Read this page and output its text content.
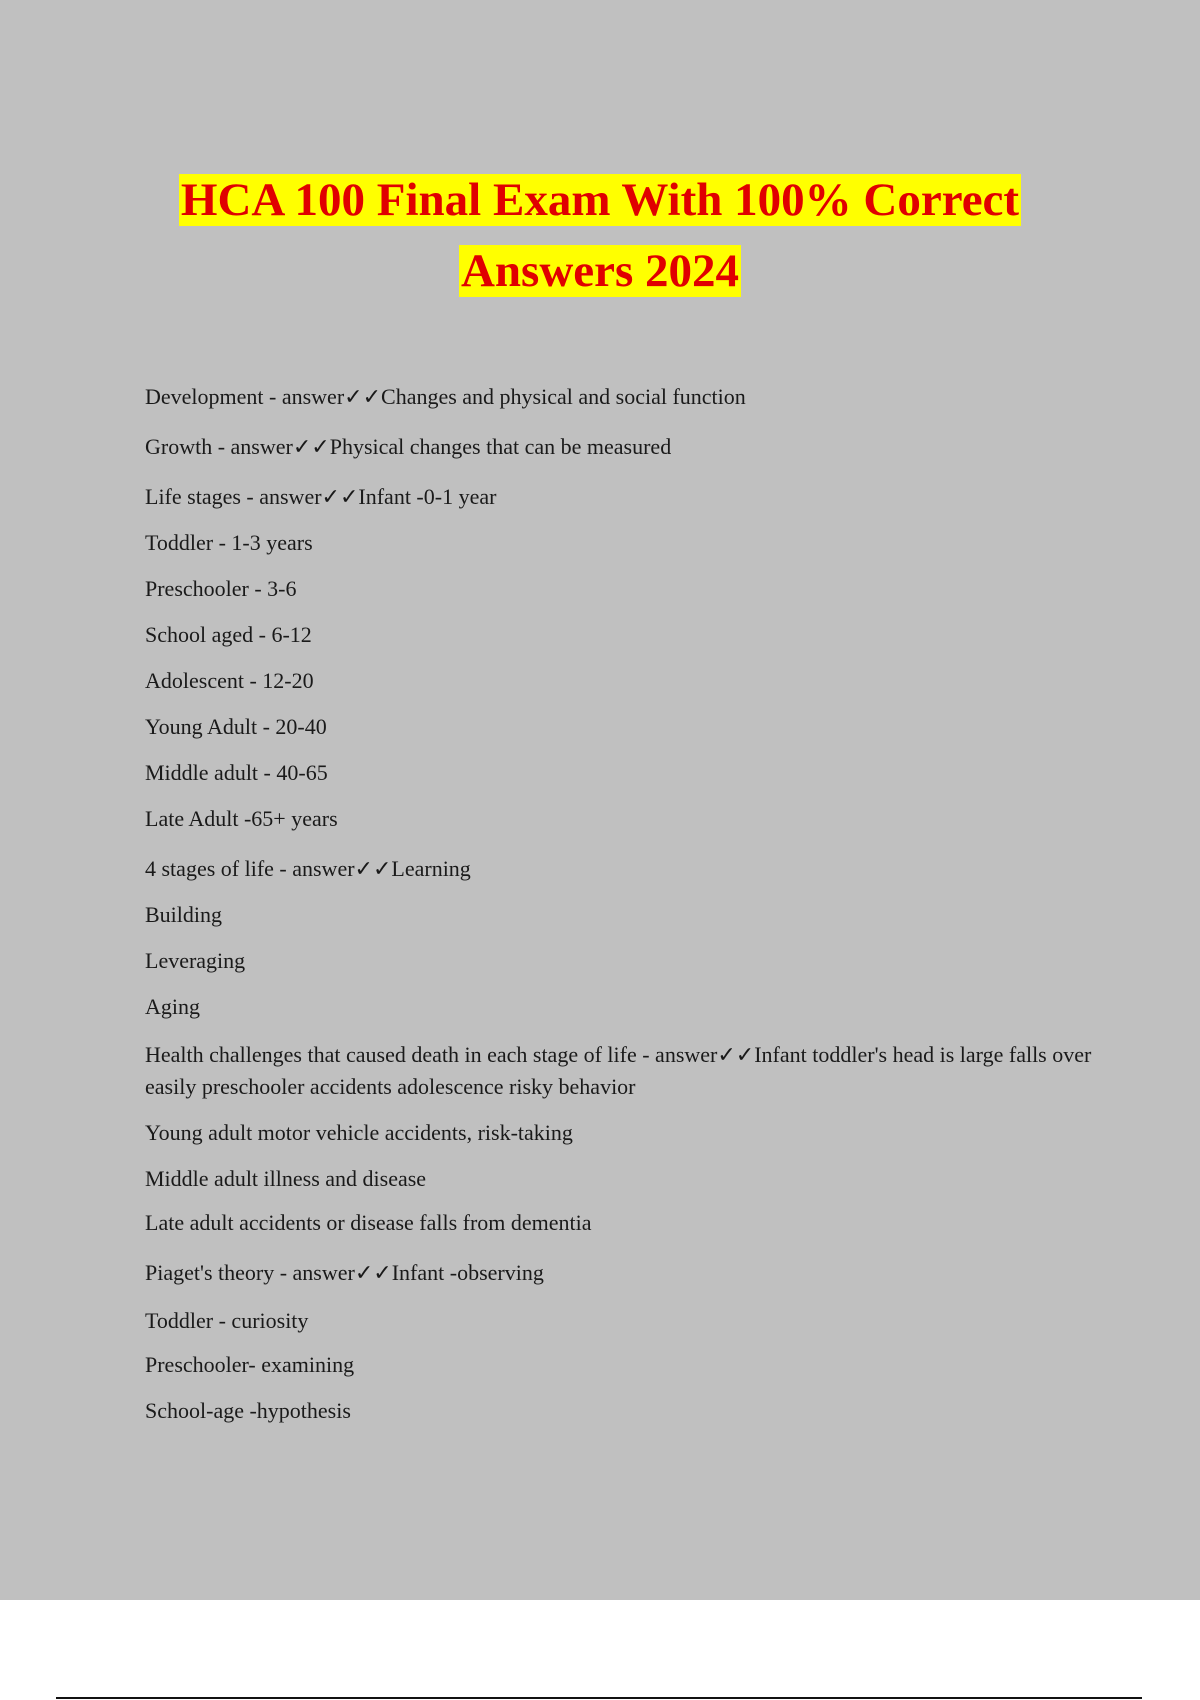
HCA 100 Final Exam With 100% Correct
Answers 2024

Development - answer✓✓Changes and physical and social function

Growth - answer✓✓Physical changes that can be measured

Life stages - answer✓✓Infant -0-1 year

Toddler - 1-3 years

Preschooler - 3-6

School aged - 6-12

Adolescent - 12-20

Young Adult - 20-40

Middle adult - 40-65

Late Adult -65+ years

4 stages of life - answer✓✓Learning

Building

Leveraging

Aging

Health challenges that caused death in each stage of life - answer✓✓Infant toddler's head is large falls over easily preschooler accidents adolescence risky behavior

Young adult motor vehicle accidents, risk-taking

Middle adult illness and disease

Late adult accidents or disease falls from dementia

Piaget's theory - answer✓✓Infant -observing

Toddler - curiosity

Preschooler- examining

School-age -hypothesis
